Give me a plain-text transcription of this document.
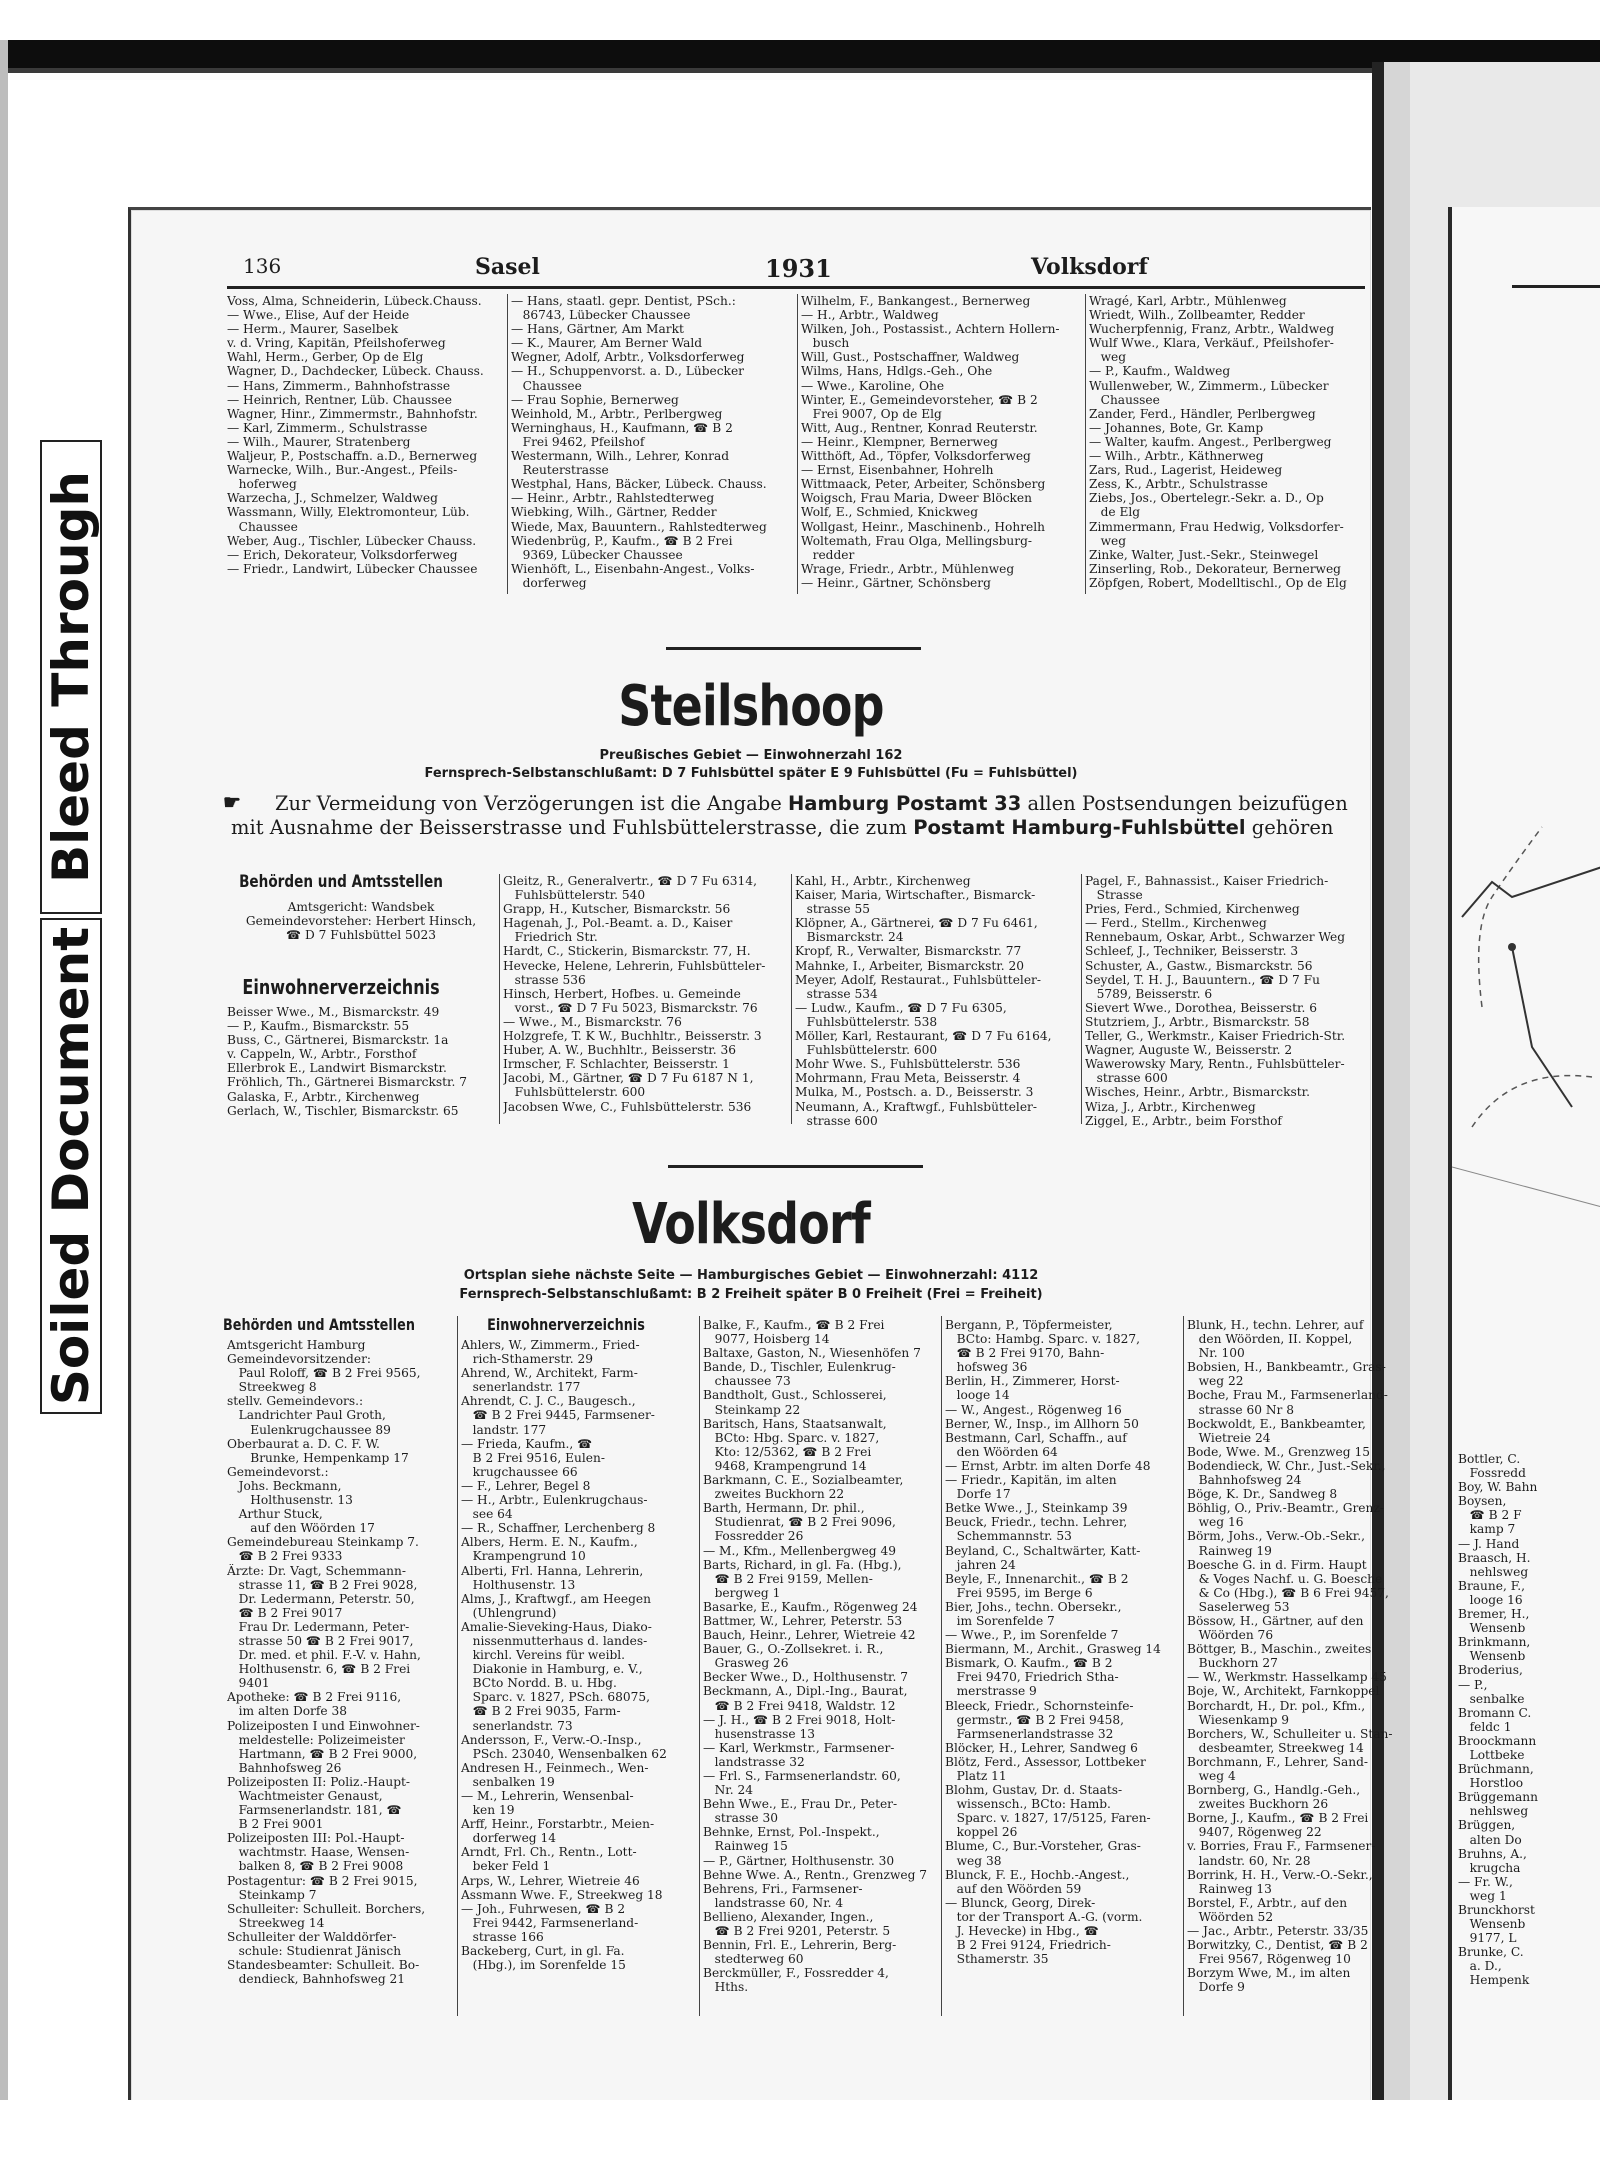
Bleed Through
Soiled Document
136	Sasel	1931	Volksdorf
Voss, Alma, Schneiderin, Lübeck.Chauss.
— Wwe., Elise, Auf der Heide
— Herm., Maurer, Saselbek
v. d. Vring, Kapitän, Pfeilshoferweg
Wahl, Herm., Gerber, Op de Elg
Wagner, D., Dachdecker, Lübeck. Chauss.
— Hans, Zimmerm., Bahnhofstrasse
— Heinrich, Rentner, Lüb. Chaussee
Wagner, Hinr., Zimmermstr., Bahnhofstr.
— Karl, Zimmerm., Schulstrasse
— Wilh., Maurer, Stratenberg
Waljeur, P., Postschaffn. a.D., Bernerweg
Warnecke, Wilh., Bur.-Angest., Pfeils-
hoferweg
Warzecha, J., Schmelzer, Waldweg
Wassmann, Willy, Elektromonteur, Lüb.
Chaussee
Weber, Aug., Tischler, Lübecker Chauss.
— Erich, Dekorateur, Volksdorferweg
— Friedr., Landwirt, Lübecker Chaussee
— Hans, staatl. gepr. Dentist, PSch.:
86743, Lübecker Chaussee
— Hans, Gärtner, Am Markt
— K., Maurer, Am Berner Wald
Wegner, Adolf, Arbtr., Volksdorferweg
— H., Schuppenvorst. a. D., Lübecker
Chaussee
— Frau Sophie, Bernerweg
Weinhold, M., Arbtr., Perlbergweg
Werninghaus, H., Kaufmann, ☎ B 2
Frei 9462, Pfeilshof
Westermann, Wilh., Lehrer, Konrad
Reuterstrasse
Westphal, Hans, Bäcker, Lübeck. Chauss.
— Heinr., Arbtr., Rahlstedterweg
Wiebking, Wilh., Gärtner, Redder
Wiede, Max, Bauuntern., Rahlstedterweg
Wiedenbrüg, P., Kaufm., ☎ B 2 Frei
9369, Lübecker Chaussee
Wienhöft, L., Eisenbahn-Angest., Volks-
dorferweg
Wilhelm, F., Bankangest., Bernerweg
— H., Arbtr., Waldweg
Wilken, Joh., Postassist., Achtern Hollern-
busch
Will, Gust., Postschaffner, Waldweg
Wilms, Hans, Hdlgs.-Geh., Ohe
— Wwe., Karoline, Ohe
Winter, E., Gemeindevorsteher, ☎ B 2
Frei 9007, Op de Elg
Witt, Aug., Rentner, Konrad Reuterstr.
— Heinr., Klempner, Bernerweg
Witthöft, Ad., Töpfer, Volksdorferweg
— Ernst, Eisenbahner, Hohrelh
Wittmaack, Peter, Arbeiter, Schönsberg
Woigsch, Frau Maria, Dweer Blöcken
Wolf, E., Schmied, Knickweg
Wollgast, Heinr., Maschinenb., Hohrelh
Woltemath, Frau Olga, Mellingsburg-
redder
Wrage, Friedr., Arbtr., Mühlenweg
— Heinr., Gärtner, Schönsberg
Wragé, Karl, Arbtr., Mühlenweg
Wriedt, Wilh., Zollbeamter, Redder
Wucherpfennig, Franz, Arbtr., Waldweg
Wulf Wwe., Klara, Verkäuf., Pfeilshofer-
weg
— P., Kaufm., Waldweg
Wullenweber, W., Zimmerm., Lübecker
Chaussee
Zander, Ferd., Händler, Perlbergweg
— Johannes, Bote, Gr. Kamp
— Walter, kaufm. Angest., Perlbergweg
— Wilh., Arbtr., Käthnerweg
Zars, Rud., Lagerist, Heideweg
Zess, K., Arbtr., Schulstrasse
Ziebs, Jos., Obertelegr.-Sekr. a. D., Op
de Elg
Zimmermann, Frau Hedwig, Volksdorfer-
weg
Zinke, Walter, Just.-Sekr., Steinwegel
Zinserling, Rob., Dekorateur, Bernerweg
Zöpfgen, Robert, Modelltischl., Op de Elg
Steilshoop
Preußisches Gebiet — Einwohnerzahl 162
Fernsprech-Selbstanschlußamt: D 7 Fuhlsbüttel später E 9 Fuhlsbüttel (Fu = Fuhlsbüttel)
☛ Zur Vermeidung von Verzögerungen ist die Angabe Hamburg Postamt 33 allen Postsendungen beizufügen
mit Ausnahme der Beisserstrasse und Fuhlsbüttelerstrasse, die zum Postamt Hamburg-Fuhlsbüttel gehören
Behörden und Amtsstellen
Amtsgericht: Wandsbek
Gemeindevorsteher: Herbert Hinsch,
☎ D 7 Fuhlsbüttel 5023
Einwohnerverzeichnis
Beisser Wwe., M., Bismarckstr. 49
— P., Kaufm., Bismarckstr. 55
Buss, C., Gärtnerei, Bismarckstr. 1a
v. Cappeln, W., Arbtr., Forsthof
Ellerbrok E., Landwirt Bismarckstr.
Fröhlich, Th., Gärtnerei Bismarckstr. 7
Galaska, F., Arbtr., Kirchenweg
Gerlach, W., Tischler, Bismarckstr. 65
Gleitz, R., Generalvertr., ☎ D 7 Fu 6314,
Fuhlsbüttelerstr. 540
Grapp, H., Kutscher, Bismarckstr. 56
Hagenah, J., Pol.-Beamt. a. D., Kaiser
Friedrich Str.
Hardt, C., Stickerin, Bismarckstr. 77, H.
Hevecke, Helene, Lehrerin, Fuhlsbütteler-
strasse 536
Hinsch, Herbert, Hofbes. u. Gemeinde
vorst., ☎ D 7 Fu 5023, Bismarckstr. 76
— Wwe., M., Bismarckstr. 76
Holzgrefe, T. K W., Buchhltr., Beisserstr. 3
Huber, A. W., Buchhltr., Beisserstr. 36
Irmscher, F. Schlachter, Beisserstr. 1
Jacobi, M., Gärtner, ☎ D 7 Fu 6187 N 1,
Fuhlsbüttelerstr. 600
Jacobsen Wwe, C., Fuhlsbüttelerstr. 536
Kahl, H., Arbtr., Kirchenweg
Kaiser, Maria, Wirtschafter., Bismarck-
strasse 55
Klöpner, A., Gärtnerei, ☎ D 7 Fu 6461,
Bismarckstr. 24
Kropf, R., Verwalter, Bismarckstr. 77
Mahnke, I., Arbeiter, Bismarckstr. 20
Meyer, Adolf, Restaurat., Fuhlsbütteler-
strasse 534
— Ludw., Kaufm., ☎ D 7 Fu 6305,
Fuhlsbüttelerstr. 538
Möller, Karl, Restaurant, ☎ D 7 Fu 6164,
Fuhlsbüttelerstr. 600
Mohr Wwe. S., Fuhlsbüttelerstr. 536
Mohrmann, Frau Meta, Beisserstr. 4
Mulka, M., Postsch. a. D., Beisserstr. 3
Neumann, A., Kraftwgf., Fuhlsbütteler-
strasse 600
Pagel, F., Bahnassist., Kaiser Friedrich-
Strasse
Pries, Ferd., Schmied, Kirchenweg
— Ferd., Stellm., Kirchenweg
Rennebaum, Oskar, Arbt., Schwarzer Weg
Schleef, J., Techniker, Beisserstr. 3
Schuster, A., Gastw., Bismarckstr. 56
Seydel, T. H. J., Bauuntern., ☎ D 7 Fu
5789, Beisserstr. 6
Sievert Wwe., Dorothea, Beisserstr. 6
Stutzriem, J., Arbtr., Bismarckstr. 58
Teller, G., Werkmstr., Kaiser Friedrich-Str.
Wagner, Auguste W., Beisserstr. 2
Wawerowsky Mary, Rentn., Fuhlsbütteler-
strasse 600
Wisches, Heinr., Arbtr., Bismarckstr.
Wiza, J., Arbtr., Kirchenweg
Ziggel, E., Arbtr., beim Forsthof
Volksdorf
Ortsplan siehe nächste Seite — Hamburgisches Gebiet — Einwohnerzahl: 4112
Fernsprech-Selbstanschlußamt: B 2 Freiheit später B 0 Freiheit (Frei = Freiheit)
Behörden und Amtsstellen
Amtsgericht Hamburg
Gemeindevorsitzender:
Paul Roloff, ☎ B 2 Frei 9565,
Streekweg 8
stellv. Gemeindevors.:
Landrichter Paul Groth,
Eulenkrugchaussee 89
Oberbaurat a. D. C. F. W.
Brunke, Hempenkamp 17
Gemeindevorst.:
Johs. Beckmann,
Holthusenstr. 13
Arthur Stuck,
auf den Wöörden 17
Gemeindebureau Steinkamp 7.
☎ B 2 Frei 9333
Ärzte: Dr. Vagt, Schemmann-
strasse 11, ☎ B 2 Frei 9028,
Dr. Ledermann, Peterstr. 50,
☎ B 2 Frei 9017
Frau Dr. Ledermann, Peter-
strasse 50 ☎ B 2 Frei 9017,
Dr. med. et phil. F.-V. v. Hahn,
Holthusenstr. 6, ☎ B 2 Frei
9401
Apotheke: ☎ B 2 Frei 9116,
im alten Dorfe 38
Polizeiposten I und Einwohner-
meldestelle: Polizeimeister
Hartmann, ☎ B 2 Frei 9000,
Bahnhofsweg 26
Polizeiposten II: Poliz.-Haupt-
Wachtmeister Genaust,
Farmsenerlandstr. 181, ☎
B 2 Frei 9001
Polizeiposten III: Pol.-Haupt-
wachtmstr. Haase, Wensen-
balken 8, ☎ B 2 Frei 9008
Postagentur: ☎ B 2 Frei 9015,
Steinkamp 7
Schulleiter: Schulleit. Borchers,
Streekweg 14
Schulleiter der Walddörfer-
schule: Studienrat Jänisch
Standesbeamter: Schulleit. Bo-
dendieck, Bahnhofsweg 21
Einwohnerverzeichnis
Ahlers, W., Zimmerm., Fried-
rich-Sthamerstr. 29
Ahrend, W., Architekt, Farm-
senerlandstr. 177
Ahrendt, C. J. C., Baugesch.,
☎ B 2 Frei 9445, Farmsener-
landstr. 177
— Frieda, Kaufm., ☎
B 2 Frei 9516, Eulen-
krugchaussee 66
— F., Lehrer, Begel 8
— H., Arbtr., Eulenkrugchaus-
see 64
— R., Schaffner, Lerchenberg 8
Albers, Herm. E. N., Kaufm.,
Krampengrund 10
Alberti, Frl. Hanna, Lehrerin,
Holthusenstr. 13
Alms, J., Kraftwgf., am Heegen
(Uhlengrund)
Amalie-Sieveking-Haus, Diako-
nissenmutterhaus d. landes-
kirchl. Vereins für weibl.
Diakonie in Hamburg, e. V.,
BCto Nordd. B. u. Hbg.
Sparc. v. 1827, PSch. 68075,
☎ B 2 Frei 9035, Farm-
senerlandstr. 73
Andersson, F., Verw.-O.-Insp.,
PSch. 23040, Wensenbalken 62
Andresen H., Feinmech., Wen-
senbalken 19
— M., Lehrerin, Wensenbal-
ken 19
Arff, Heinr., Forstarbtr., Meien-
dorferweg 14
Arndt, Frl. Ch., Rentn., Lott-
beker Feld 1
Arps, W., Lehrer, Wietreie 46
Assmann Wwe. F., Streekweg 18
— Joh., Fuhrwesen, ☎ B 2
Frei 9442, Farmsenerland-
strasse 166
Backeberg, Curt, in gl. Fa.
(Hbg.), im Sorenfelde 15
Balke, F., Kaufm., ☎ B 2 Frei
9077, Hoisberg 14
Baltaxe, Gaston, N., Wiesenhöfen 7
Bande, D., Tischler, Eulenkrug-
chaussee 73
Bandtholt, Gust., Schlosserei,
Steinkamp 22
Baritsch, Hans, Staatsanwalt,
BCto: Hbg. Sparc. v. 1827,
Kto: 12/5362, ☎ B 2 Frei
9468, Krampengrund 14
Barkmann, C. E., Sozialbeamter,
zweites Buckhorn 22
Barth, Hermann, Dr. phil.,
Studienrat, ☎ B 2 Frei 9096,
Fossredder 26
— M., Kfm., Mellenbergweg 49
Barts, Richard, in gl. Fa. (Hbg.),
☎ B 2 Frei 9159, Mellen-
bergweg 1
Basarke, E., Kaufm., Rögenweg 24
Battmer, W., Lehrer, Peterstr. 53
Bauch, Heinr., Lehrer, Wietreie 42
Bauer, G., O.-Zollsekret. i. R.,
Grasweg 26
Becker Wwe., D., Holthusenstr. 7
Beckmann, A., Dipl.-Ing., Baurat,
☎ B 2 Frei 9418, Waldstr. 12
— J. H., ☎ B 2 Frei 9018, Holt-
husenstrasse 13
— Karl, Werkmstr., Farmsener-
landstrasse 32
— Frl. S., Farmsenerlandstr. 60,
Nr. 24
Behn Wwe., E., Frau Dr., Peter-
strasse 30
Behnke, Ernst, Pol.-Inspekt.,
Rainweg 15
— P., Gärtner, Holthusenstr. 30
Behne Wwe. A., Rentn., Grenzweg 7
Behrens, Fri., Farmsener-
landstrasse 60, Nr. 4
Bellieno, Alexander, Ingen.,
☎ B 2 Frei 9201, Peterstr. 5
Bennin, Frl. E., Lehrerin, Berg-
stedterweg 60
Berckmüller, F., Fossredder 4,
Hths.
Bergann, P., Töpfermeister,
BCto: Hambg. Sparc. v. 1827,
☎ B 2 Frei 9170, Bahn-
hofsweg 36
Berlin, H., Zimmerer, Horst-
looge 14
— W., Angest., Rögenweg 16
Berner, W., Insp., im Allhorn 50
Bestmann, Carl, Schaffn., auf
den Wöörden 64
— Ernst, Arbtr. im alten Dorfe 48
— Friedr., Kapitän, im alten
Dorfe 17
Betke Wwe., J., Steinkamp 39
Beuck, Friedr., techn. Lehrer,
Schemmannstr. 53
Beyland, C., Schaltwärter, Katt-
jahren 24
Beyle, F., Innenarchit., ☎ B 2
Frei 9595, im Berge 6
Bier, Johs., techn. Obersekr.,
im Sorenfelde 7
— Wwe., P., im Sorenfelde 7
Biermann, M., Archit., Grasweg 14
Bismark, O. Kaufm., ☎ B 2
Frei 9470, Friedrich Stha-
merstrasse 9
Bleeck, Friedr., Schornsteinfe-
germstr., ☎ B 2 Frei 9458,
Farmsenerlandstrasse 32
Blöcker, H., Lehrer, Sandweg 6
Blötz, Ferd., Assessor, Lottbeker
Platz 11
Blohm, Gustav, Dr. d. Staats-
wissensch., BCto: Hamb.
Sparc. v. 1827, 17/5125, Faren-
koppel 26
Blume, C., Bur.-Vorsteher, Gras-
weg 38
Blunck, F. E., Hochb.-Angest.,
auf den Wöörden 59
— Blunck, Georg, Direk-
tor der Transport A.-G. (vorm.
J. Hevecke) in Hbg., ☎
B 2 Frei 9124, Friedrich-
Sthamerstr. 35
Blunk, H., techn. Lehrer, auf
den Wöörden, II. Koppel,
Nr. 100
Bobsien, H., Bankbeamtr., Gras-
weg 22
Boche, Frau M., Farmsenerland-
strasse 60 Nr 8
Bockwoldt, E., Bankbeamter,
Wietreie 24
Bode, Wwe. M., Grenzweg 15
Bodendieck, W. Chr., Just.-Sekr.,
Bahnhofsweg 24
Böge, K. Dr., Sandweg 8
Böhlig, O., Priv.-Beamtr., Grenz-
weg 16
Börm, Johs., Verw.-Ob.-Sekr.,
Rainweg 19
Boesche G. in d. Firm. Haupt
& Voges Nachf. u. G. Boesche
& Co (Hbg.), ☎ B 6 Frei 9457,
Saselerweg 53
Bössow, H., Gärtner, auf den
Wöörden 76
Böttger, B., Maschin., zweites
Buckhorn 27
— W., Werkmstr. Hasselkamp 45
Boje, W., Architekt, Farnkoppel
Borchardt, H., Dr. pol., Kfm.,
Wiesenkamp 9
Borchers, W., Schulleiter u. Stan-
desbeamter, Streekweg 14
Borchmann, F., Lehrer, Sand-
weg 4
Bornberg, G., Handlg.-Geh.,
zweites Buckhorn 26
Borne, J., Kaufm., ☎ B 2 Frei
9407, Rögenweg 22
v. Borries, Frau F., Farmsener-
landstr. 60, Nr. 28
Borrink, H. H., Verw.-O.-Sekr.,
Rainweg 13
Borstel, F., Arbtr., auf den
Wöörden 52
— Jac., Arbtr., Peterstr. 33/35
Borwitzky, C., Dentist, ☎ B 2
Frei 9567, Rögenweg 10
Borzym Wwe, M., im alten
Dorfe 9
Bottler, C.
Fossredd
Boy, W. Bahn
Boysen,
☎ B 2 F
kamp 7
— J. Hand
Braasch, H.
nehlsweg
Braune, F.,
looge 16
Bremer, H.,
Wensenb
Brinkmann,
Wensenb
Broderius,
— P.,
senbalke
Bromann C.
feldc 1
Broockmann
Lottbeke
Brüchmann,
Horstloo
Brüggemann
nehlsweg
Brüggen,
alten Do
Bruhns, A.,
krugcha
— Fr. W.,
weg 1
Brunckhorst
Wensenb
9177, L
Brunke, C.
a. D.,
Hempenk
